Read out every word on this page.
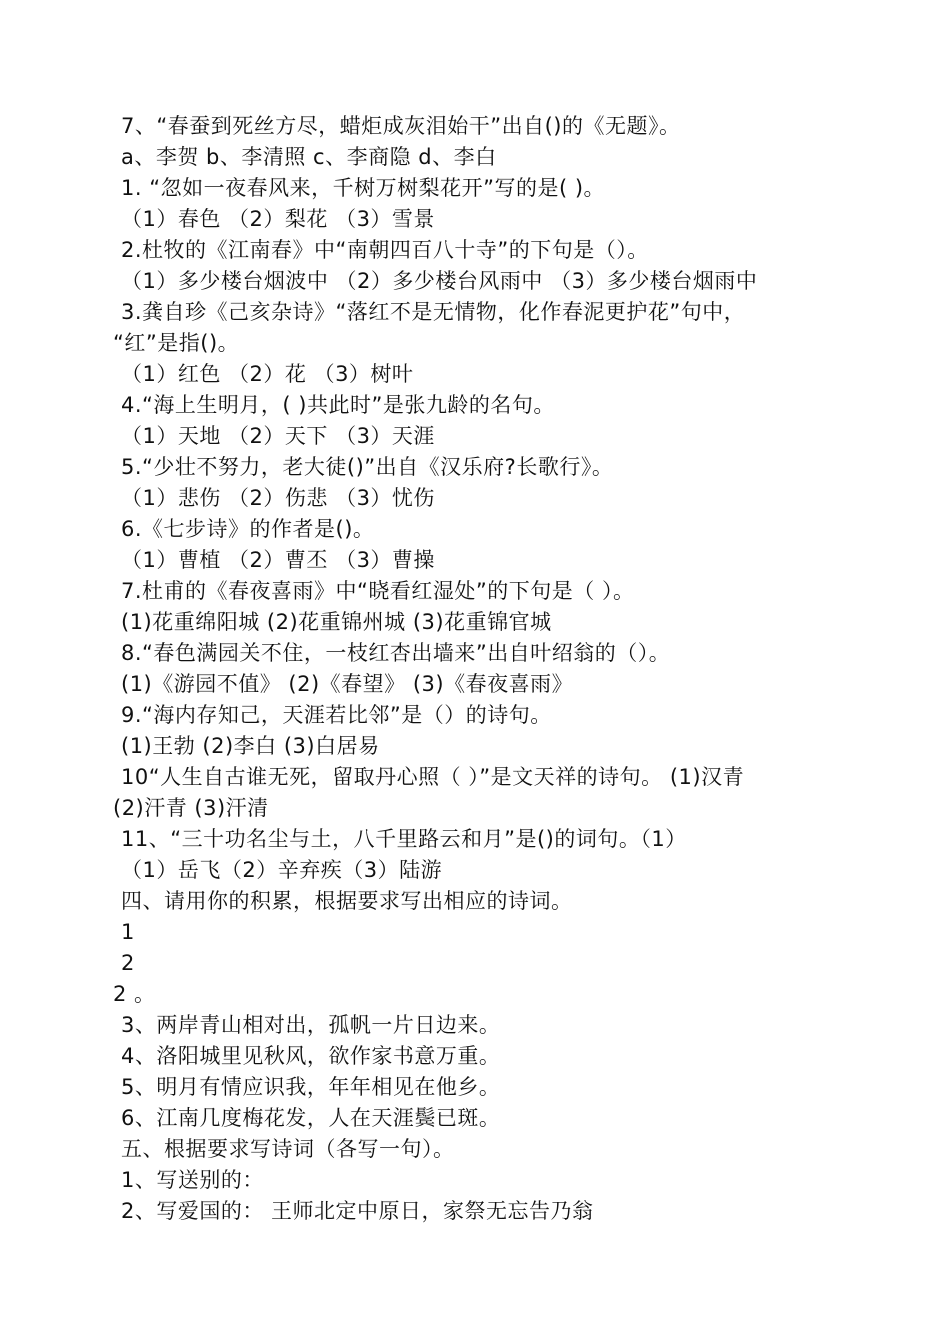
7、“春蚕到死丝方尽，蜡炬成灰泪始干”出自()的《无题》。
a、李贺 b、李清照 c、李商隐 d、李白
1. “忽如一夜春风来，千树万树梨花开”写的是( )。
（1）春色 （2）梨花 （3）雪景
2.杜牧的《江南春》中“南朝四百八十寺”的下句是（）。
（1）多少楼台烟波中 （2）多少楼台风雨中 （3）多少楼台烟雨中
3.龚自珍《己亥杂诗》“落红不是无情物，化作春泥更护花”句中，
“红”是指()。
（1）红色 （2）花 （3）树叶
4.“海上生明月，( )共此时”是张九龄的名句。
（1）天地 （2）天下 （3）天涯
5.“少壮不努力，老大徒()”出自《汉乐府?长歌行》。
（1）悲伤 （2）伤悲 （3）忧伤
6.《七步诗》的作者是()。
（1）曹植 （2）曹丕 （3）曹操
7.杜甫的《春夜喜雨》中“晓看红湿处”的下句是（ ）。
(1)花重绵阳城 (2)花重锦州城 (3)花重锦官城
8.“春色满园关不住，一枝红杏出墙来”出自叶绍翁的（）。
(1)《游园不值》 (2)《春望》 (3)《春夜喜雨》
9.“海内存知己，天涯若比邻”是（）的诗句。
(1)王勃 (2)李白 (3)白居易
10“人生自古谁无死，留取丹心照（ ）”是文天祥的诗句。 (1)汉青
(2)汗青 (3)汗清
11、“三十功名尘与土，八千里路云和月”是()的词句。（1）
（1）岳飞（2）辛弃疾（3）陆游
四、请用你的积累，根据要求写出相应的诗词。
1
2
2 。
3、两岸青山相对出，孤帆一片日边来。
4、洛阳城里见秋风，欲作家书意万重。
5、明月有情应识我，年年相见在他乡。
6、江南几度梅花发，人在天涯鬓已斑。
五、根据要求写诗词（各写一句）。
1、写送别的：
2、写爱国的： 王师北定中原日，家祭无忘告乃翁
